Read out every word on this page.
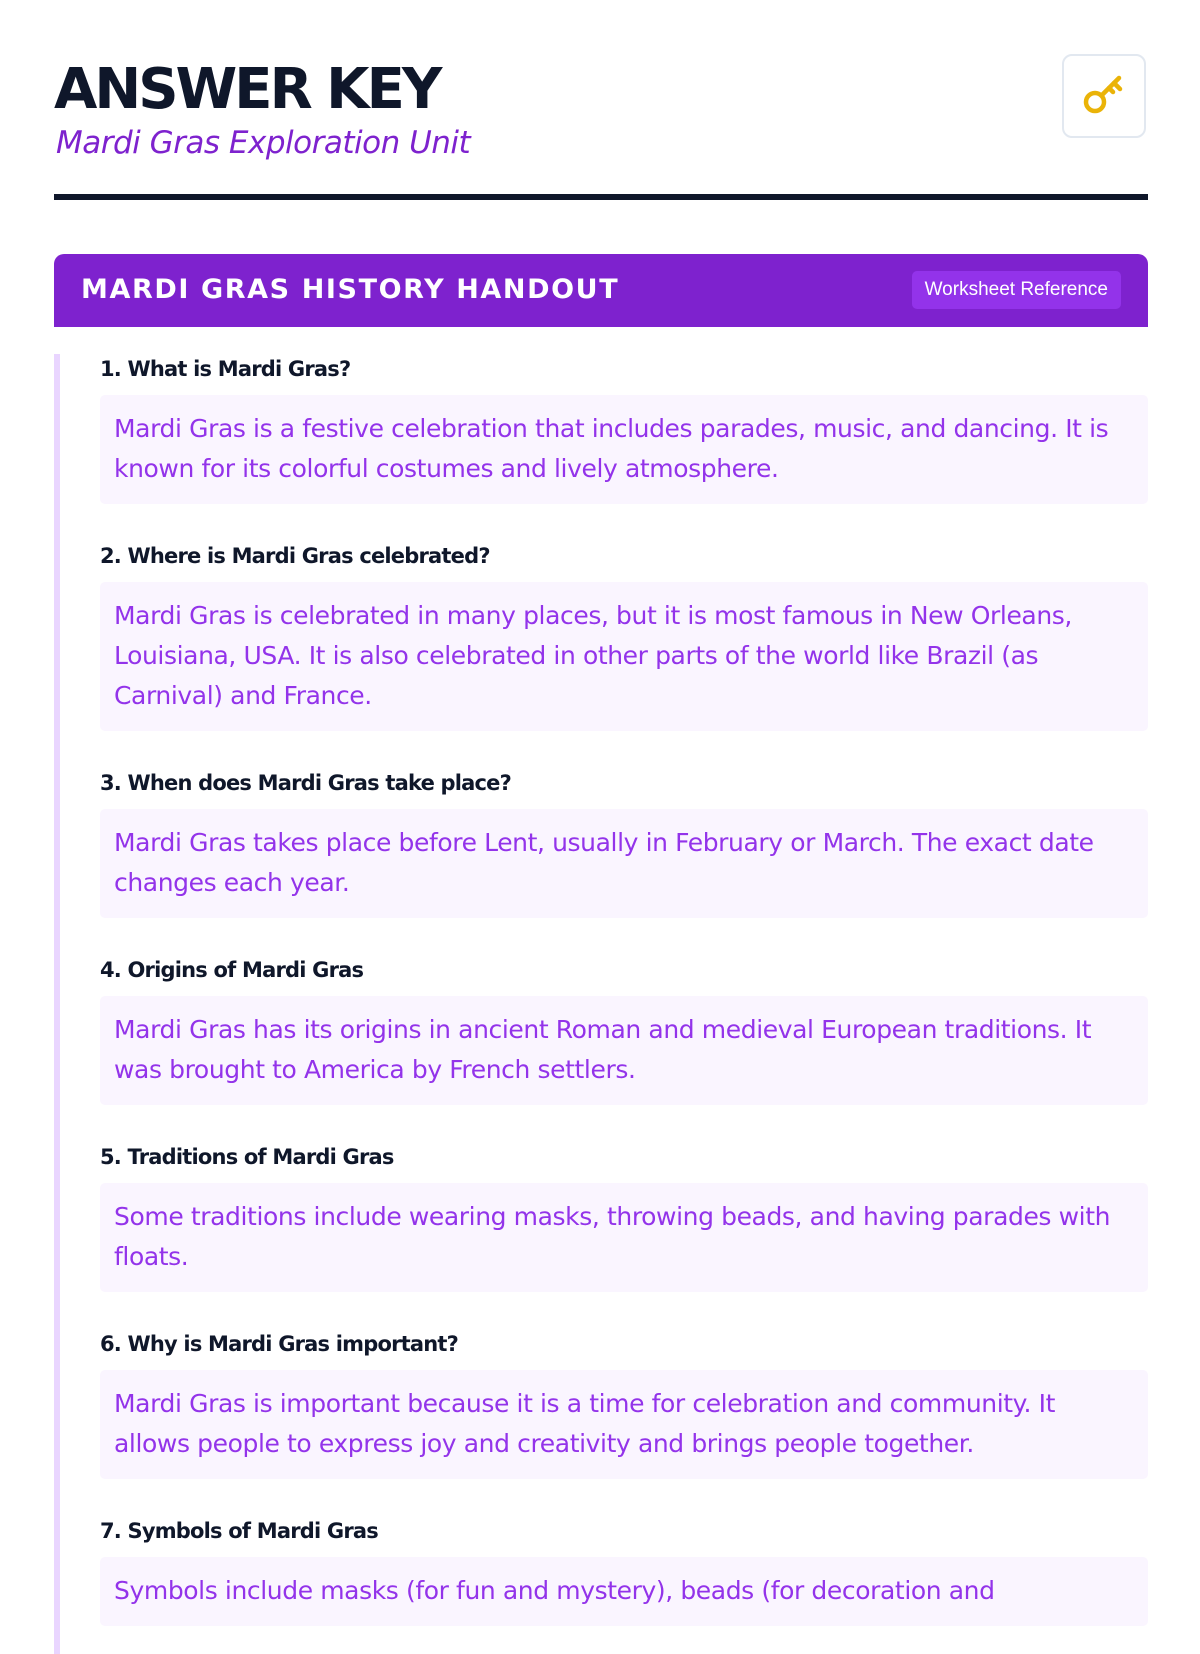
ANSWER KEY
Mardi Gras Exploration Unit
MARDI GRAS HISTORY HANDOUT	Worksheet Reference
1. What is Mardi Gras?
Mardi Gras is a festive celebration that includes parades, music, and dancing. It is known for its colorful costumes and lively atmosphere.
2. Where is Mardi Gras celebrated?
Mardi Gras is celebrated in many places, but it is most famous in New Orleans, Louisiana, USA. It is also celebrated in other parts of the world like Brazil (as Carnival) and France.
3. When does Mardi Gras take place?
Mardi Gras takes place before Lent, usually in February or March. The exact date changes each year.
4. Origins of Mardi Gras
Mardi Gras has its origins in ancient Roman and medieval European traditions. It was brought to America by French settlers.
5. Traditions of Mardi Gras
Some traditions include wearing masks, throwing beads, and having parades with floats.
6. Why is Mardi Gras important?
Mardi Gras is important because it is a time for celebration and community. It allows people to express joy and creativity and brings people together.
7. Symbols of Mardi Gras
Symbols include masks (for fun and mystery), beads (for decoration and
